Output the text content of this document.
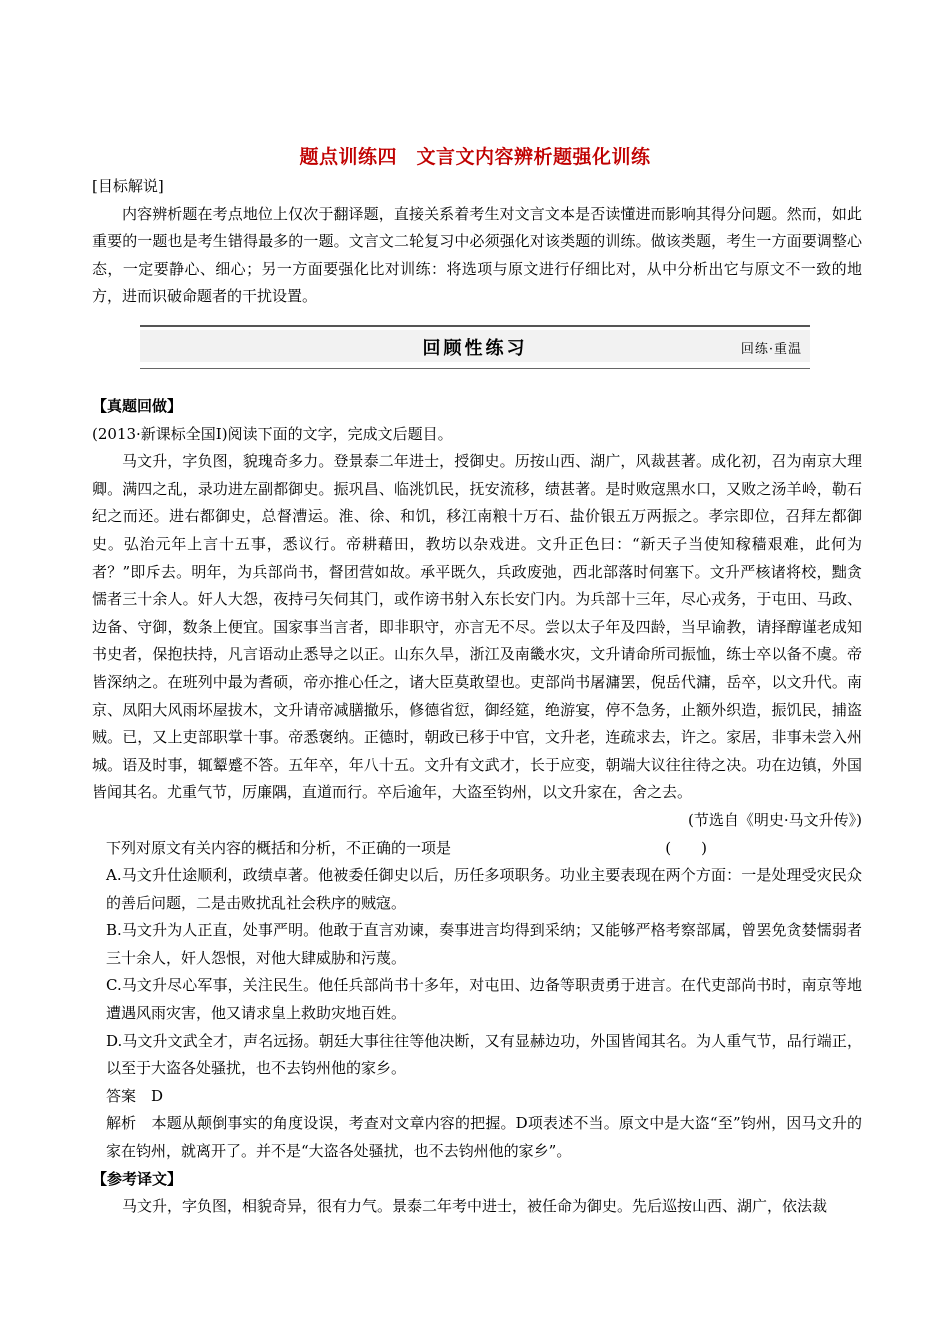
题点训练四　文言文内容辨析题强化训练

[目标解说]

内容辨析题在考点地位上仅次于翻译题，直接关系着考生对文言文本是否读懂进而影响其得分问题。然而，如此重要的一题也是考生错得最多的一题。文言文二轮复习中必须强化对该类题的训练。做该类题，考生一方面要调整心态，一定要静心、细心；另一方面要强化比对训练：将选项与原文进行仔细比对，从中分析出它与原文不一致的地方，进而识破命题者的干扰设置。

回顾性练习	回练·重温

【真题回做】

(2013·新课标全国Ⅰ)阅读下面的文字，完成文后题目。

马文升，字负图，貌瑰奇多力。登景泰二年进士，授御史。历按山西、湖广，风裁甚著。成化初，召为南京大理卿。满四之乱，录功进左副都御史。振巩昌、临洮饥民，抚安流移，绩甚著。是时败寇黑水口，又败之汤羊岭，勒石纪之而还。进右都御史，总督漕运。淮、徐、和饥，移江南粮十万石、盐价银五万两振之。孝宗即位，召拜左都御史。弘治元年上言十五事，悉议行。帝耕藉田，教坊以杂戏进。文升正色曰：“新天子当使知稼穑艰难，此何为者？”即斥去。明年，为兵部尚书，督团营如故。承平既久，兵政废弛，西北部落时伺塞下。文升严核诸将校，黜贪懦者三十余人。奸人大怨，夜持弓矢伺其门，或作谤书射入东长安门内。为兵部十三年，尽心戎务，于屯田、马政、边备、守御，数条上便宜。国家事当言者，即非职守，亦言无不尽。尝以太子年及四龄，当早谕教，请择醇谨老成知书史者，保抱扶持，凡言语动止悉导之以正。山东久旱，浙江及南畿水灾，文升请命所司振恤，练士卒以备不虞。帝皆深纳之。在班列中最为耆硕，帝亦推心任之，诸大臣莫敢望也。吏部尚书屠滽罢，倪岳代滽，岳卒，以文升代。南京、凤阳大风雨坏屋拔木，文升请帝减膳撤乐，修德省愆，御经筵，绝游宴，停不急务，止额外织造，振饥民，捕盗贼。已，又上吏部职掌十事。帝悉褒纳。正德时，朝政已移于中官，文升老，连疏求去，许之。家居，非事未尝入州城。语及时事，辄颦蹙不答。五年卒，年八十五。文升有文武才，长于应变，朝端大议往往待之决。功在边镇，外国皆闻其名。尤重气节，厉廉隅，直道而行。卒后逾年，大盗至钧州，以文升家在，舍之去。

(节选自《明史·马文升传》)

下列对原文有关内容的概括和分析，不正确的一项是	(　　)

A.马文升仕途顺利，政绩卓著。他被委任御史以后，历任多项职务。功业主要表现在两个方面：一是处理受灾民众的善后问题，二是击败扰乱社会秩序的贼寇。

B.马文升为人正直，处事严明。他敢于直言劝谏，奏事进言均得到采纳；又能够严格考察部属，曾罢免贪婪懦弱者三十余人，奸人怨恨，对他大肆威胁和污蔑。

C.马文升尽心军事，关注民生。他任兵部尚书十多年，对屯田、边备等职责勇于进言。在代吏部尚书时，南京等地遭遇风雨灾害，他又请求皇上救助灾地百姓。

D.马文升文武全才，声名远扬。朝廷大事往往等他决断，又有显赫边功，外国皆闻其名。为人重气节，品行端正，以至于大盗各处骚扰，也不去钧州他的家乡。

答案　D

解析　本题从颠倒事实的角度设误，考查对文章内容的把握。D项表述不当。原文中是大盗“至”钧州，因马文升的家在钧州，就离开了。并不是“大盗各处骚扰，也不去钧州他的家乡”。

【参考译文】

马文升，字负图，相貌奇异，很有力气。景泰二年考中进士，被任命为御史。先后巡按山西、湖广，依法裁
